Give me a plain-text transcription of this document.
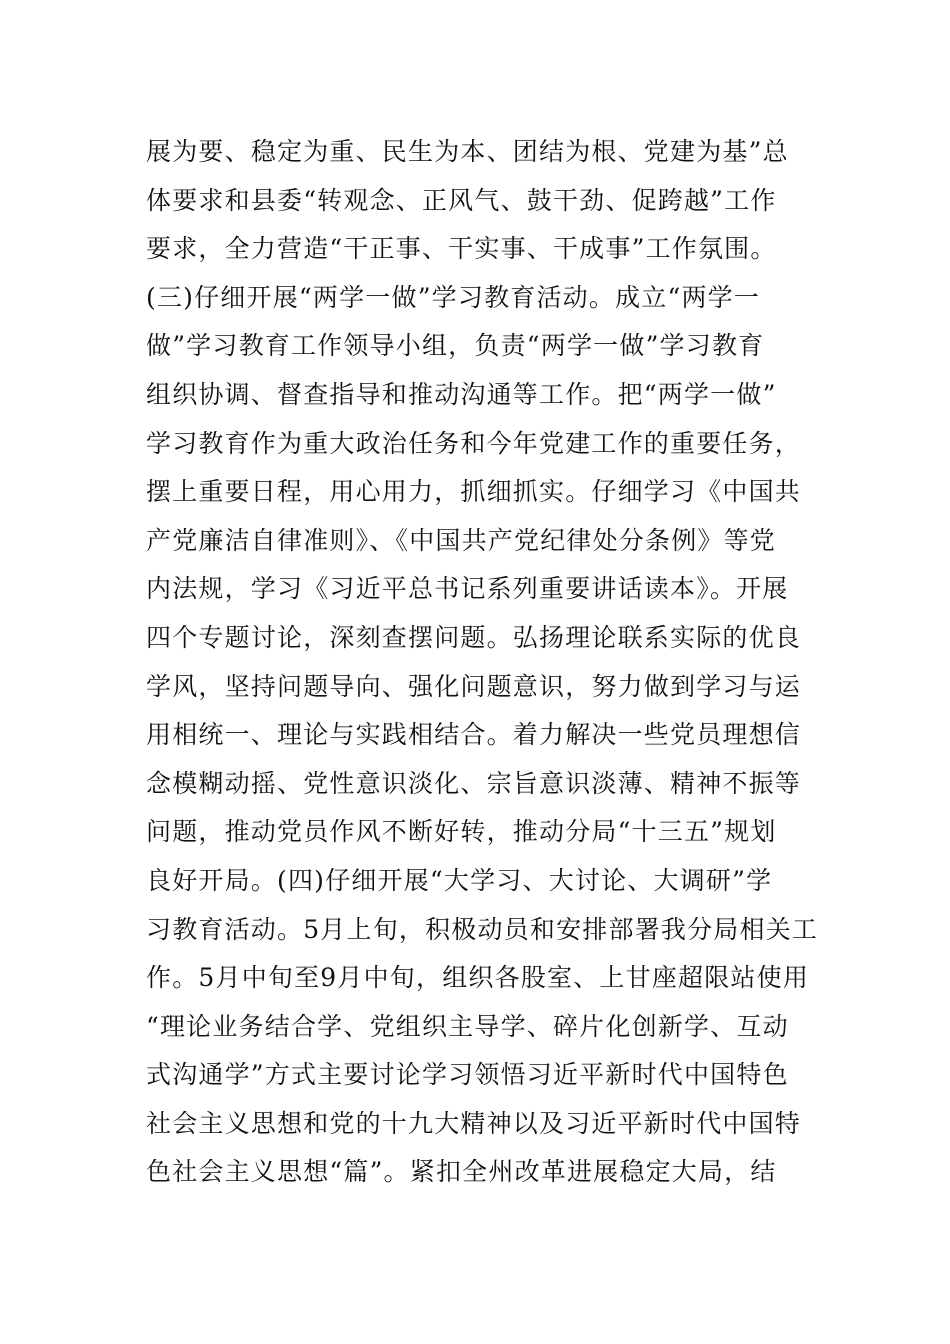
展为要、稳定为重、民生为本、团结为根、党建为基”总
体要求和县委“转观念、正风气、鼓干劲、促跨越”工作
要求，全力营造“干正事、干实事、干成事”工作氛围。
(三)仔细开展“两学一做”学习教育活动。成立“两学一
做”学习教育工作领导小组，负责“两学一做”学习教育
组织协调、督查指导和推动沟通等工作。把“两学一做”
学习教育作为重大政治任务和今年党建工作的重要任务，
摆上重要日程，用心用力，抓细抓实。仔细学习《中国共
产党廉洁自律准则》、《中国共产党纪律处分条例》等党
内法规，学习《习近平总书记系列重要讲话读本》。开展
四个专题讨论，深刻查摆问题。弘扬理论联系实际的优良
学风，坚持问题导向、强化问题意识，努力做到学习与运
用相统一、理论与实践相结合。着力解决一些党员理想信
念模糊动摇、党性意识淡化、宗旨意识淡薄、精神不振等
问题，推动党员作风不断好转，推动分局“十三五”规划
良好开局。(四)仔细开展“大学习、大讨论、大调研”学
习教育活动。5月上旬，积极动员和安排部署我分局相关工
作。5月中旬至9月中旬，组织各股室、上甘座超限站使用
“理论业务结合学、党组织主导学、碎片化创新学、互动
式沟通学”方式主要讨论学习领悟习近平新时代中国特色
社会主义思想和党的十九大精神以及习近平新时代中国特
色社会主义思想“篇”。紧扣全州改革进展稳定大局，结
